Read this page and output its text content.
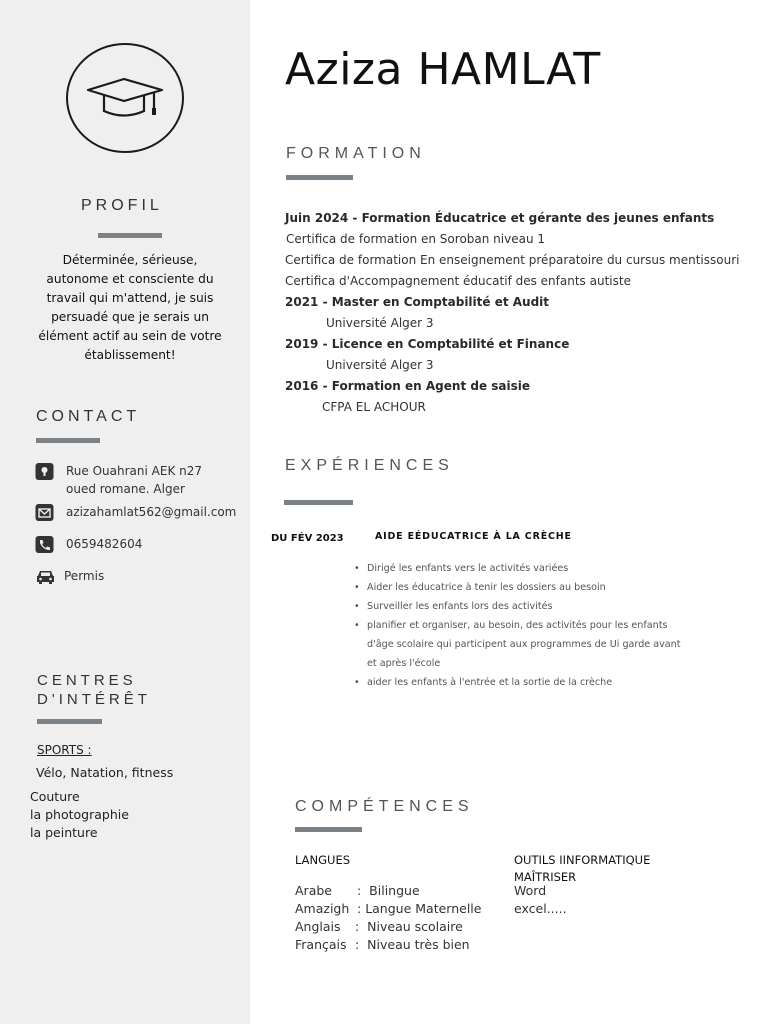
PROFIL
Déterminée, sérieuse,
autonome et consciente du
travail qui m'attend, je suis
persuadé que je serais un
élément actif au sein de votre
établissement!
CONTACT
Rue Ouahrani AEK n27
oued romane. Alger
azizahamlat562@gmail.com
0659482604
Permis
CENTRES
D'INTÉRÊT
SPORTS :
Vélo, Natation, fitness
Couture
la photographie
la peinture
Aziza HAMLAT
FORMATION
Juin 2024 - Formation Éducatrice et gérante des jeunes enfants
Certifica de formation en Soroban niveau 1
Certifica de formation En enseignement préparatoire du cursus mentissouri
Certifica d'Accompagnement éducatif des enfants autiste
2021 - Master en Comptabilité et Audit
Université Alger 3
2019 - Licence en Comptabilité et Finance
Université Alger 3
2016 - Formation en Agent de saisie
CFPA EL ACHOUR
EXPÉRIENCES
DU FÉV 2023	AIDE EÉDUCATRICE À LA CRÈCHE
• Dirigé les enfants vers le activités variées
• Aider les éducatrice à tenir les dossiers au besoin
• Surveiller les enfants lors des activités
• planifier et organiser, au besoin, des activités pour les enfants
d'âge scolaire qui participent aux programmes de Ui garde avant
et après l'école
aider les enfants à l'entrée et la sortie de la crèche
COMPÉTENCES
LANGUES
Arabe :  Bilingue
Amazigh : Langue Maternelle
Anglais :  Niveau scolaire
Français :  Niveau très bien
OUTILS IINFORMATIQUE
MAÎTRISER
Word
excel.....
